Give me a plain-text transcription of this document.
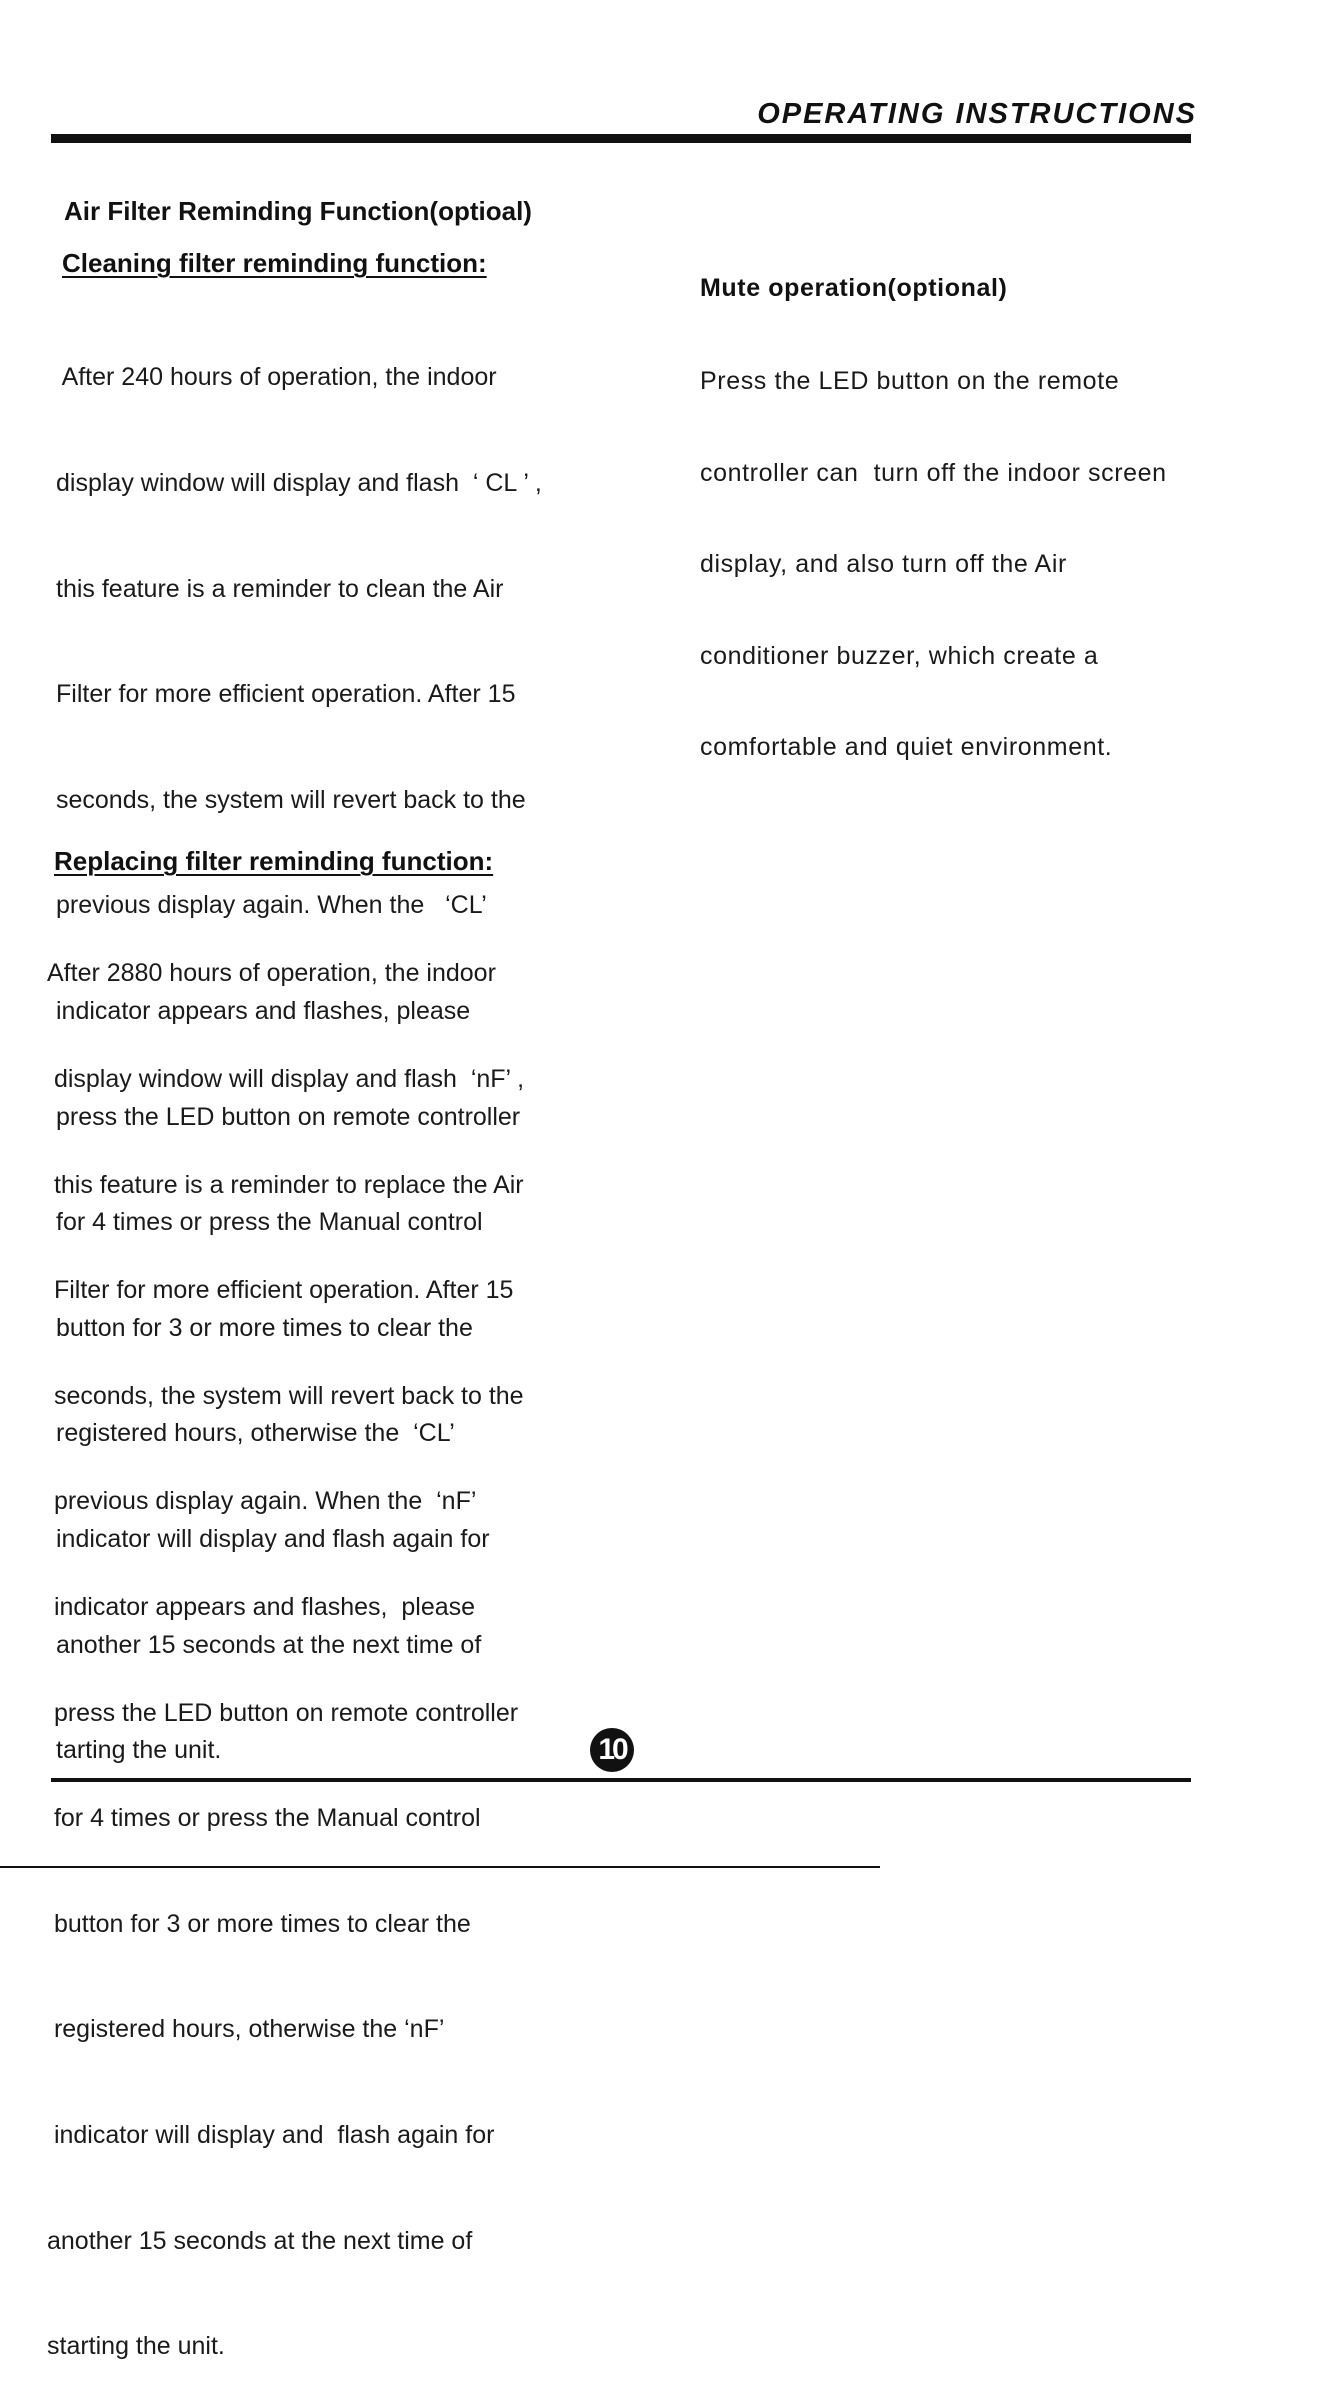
OPERATING INSTRUCTIONS
Air Filter Reminding Function(optioal)
Cleaning filter reminding function:

After 240 hours of operation, the indoor

display window will display and flash  ‘ CL ’ ,

this feature is a reminder to clean the Air

Filter for more efficient operation. After 15

seconds, the system will revert back to the

previous display again. When the   ‘CL’

indicator appears and flashes, please

press the LED button on remote controller

for 4 times or press the Manual control

button for 3 or more times to clear the

registered hours, otherwise the  ‘CL’

indicator will display and flash again for

another 15 seconds at the next time of

tarting the unit.

Replacing filter reminding function:

After 2880 hours of operation, the indoor

display window will display and flash  ‘nF’ ,

this feature is a reminder to replace the Air

Filter for more efficient operation. After 15

seconds, the system will revert back to the

previous display again. When the  ‘nF’

indicator appears and flashes,  please

press the LED button on remote controller

for 4 times or press the Manual control

button for 3 or more times to clear the

registered hours, otherwise the ‘nF’

indicator will display and  flash again for

another 15 seconds at the next time of

starting the unit.

Mute operation(optional)

Press the LED button on the remote

controller can  turn off the indoor screen

display, and also turn off the Air

conditioner buzzer, which create a

comfortable and quiet environment.

10
